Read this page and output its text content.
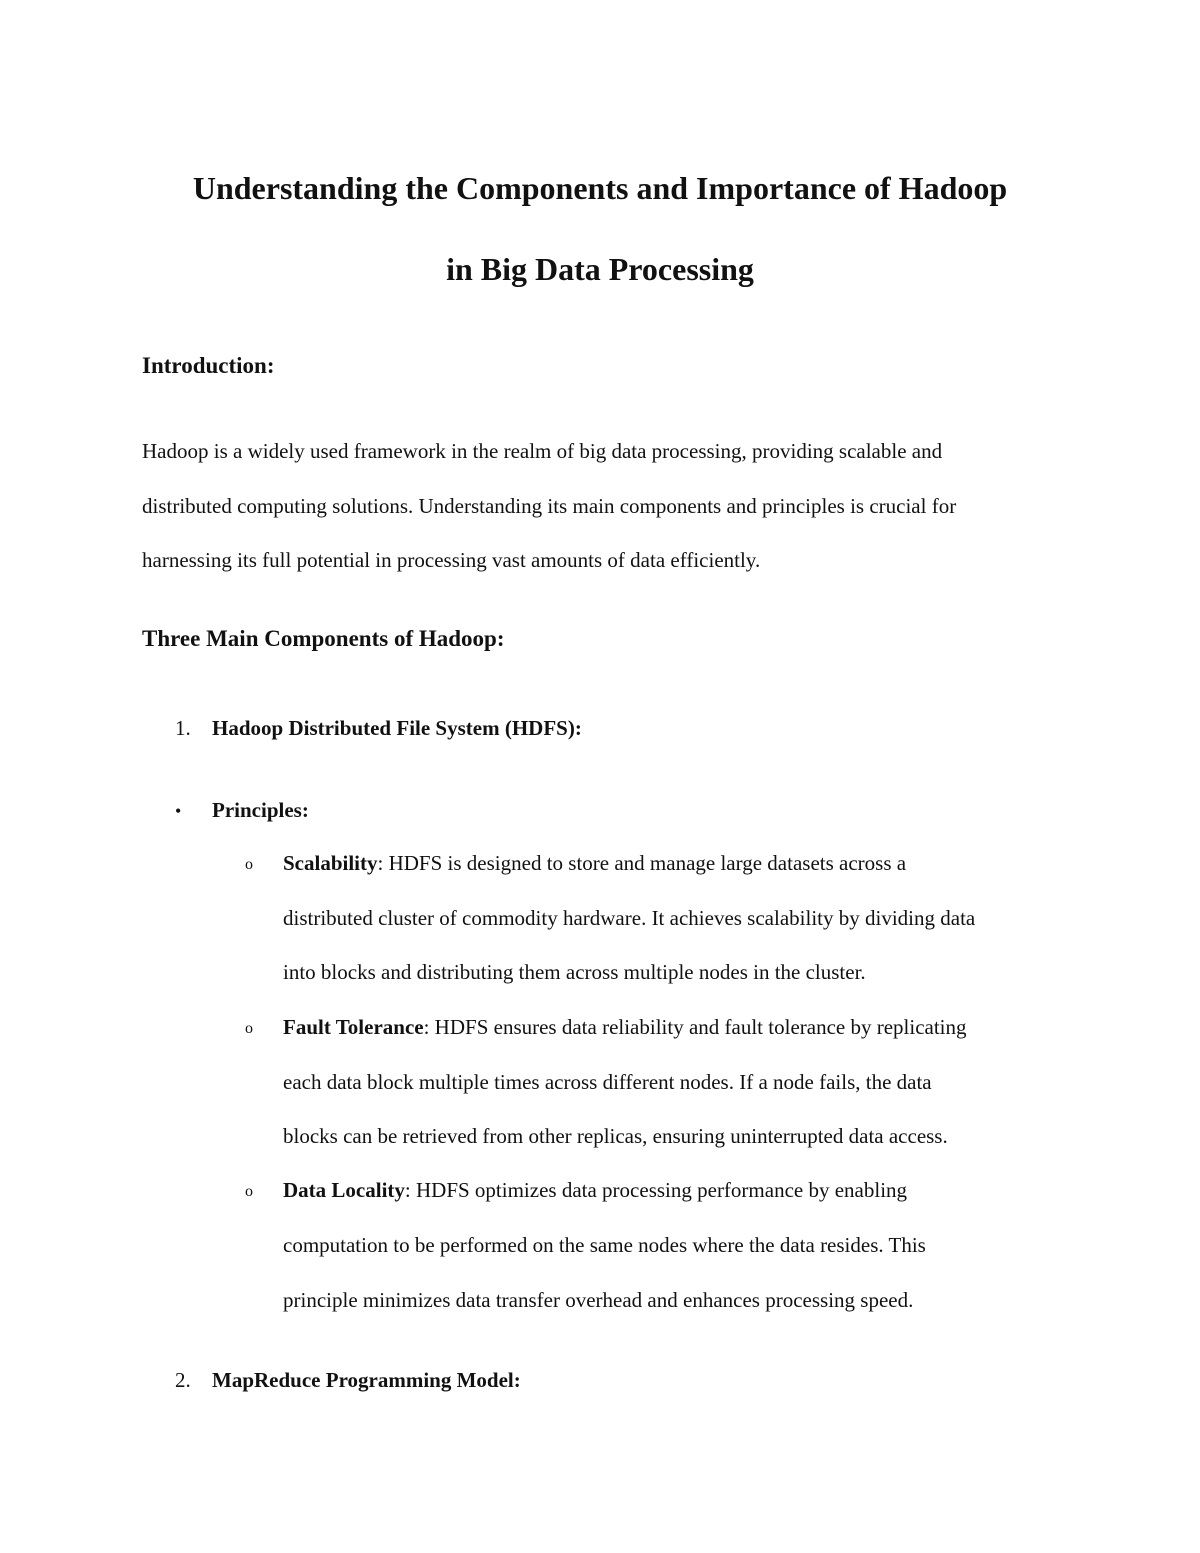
Understanding the Components and Importance of Hadoop
in Big Data Processing
Introduction:

Hadoop is a widely used framework in the realm of big data processing, providing scalable and

distributed computing solutions. Understanding its main components and principles is crucial for

harnessing its full potential in processing vast amounts of data efficiently.

Three Main Components of Hadoop:
1. Hadoop Distributed File System (HDFS):
• Principles:
o Scalability: HDFS is designed to store and manage large datasets across a
distributed cluster of commodity hardware. It achieves scalability by dividing data
into blocks and distributing them across multiple nodes in the cluster.
o Fault Tolerance: HDFS ensures data reliability and fault tolerance by replicating
each data block multiple times across different nodes. If a node fails, the data
blocks can be retrieved from other replicas, ensuring uninterrupted data access.
o Data Locality: HDFS optimizes data processing performance by enabling
computation to be performed on the same nodes where the data resides. This
principle minimizes data transfer overhead and enhances processing speed.
2. MapReduce Programming Model:
